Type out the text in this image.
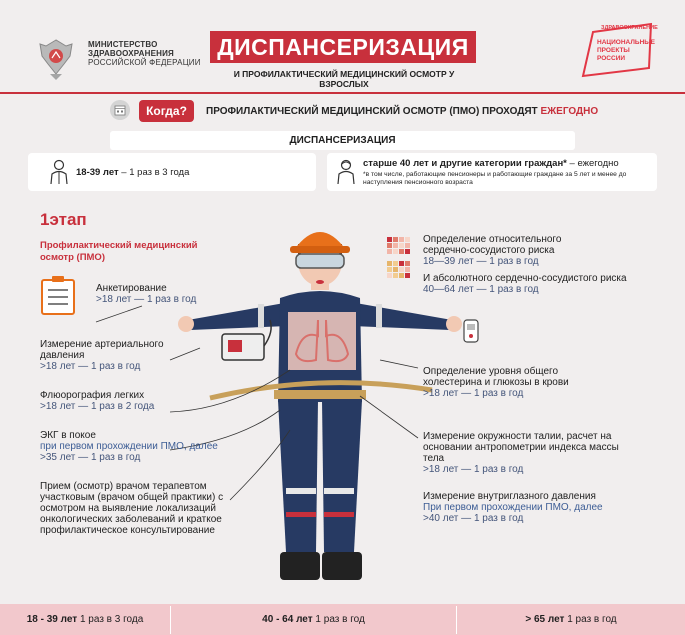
МИНИСТЕРСТВО
ЗДРАВООХРАНЕНИЯ
РОССИЙСКОЙ ФЕДЕРАЦИИ
ДИСПАНСЕРИЗАЦИЯ
И ПРОФИЛАКТИЧЕСКИЙ МЕДИЦИНСКИЙ ОСМОТР У ВЗРОСЛЫХ
ЗДРАВООХРАНЕНИЕ
НАЦИОНАЛЬНЫЕ
ПРОЕКТЫ
РОССИИ
Когда?	ПРОФИЛАКТИЧЕСКИЙ МЕДИЦИНСКИЙ ОСМОТР (ПМО) ПРОХОДЯТ ЕЖЕГОДНО
ДИСПАНСЕРИЗАЦИЯ
18-39 лет – 1 раз в 3 года
старше 40 лет и другие категории граждан* – ежегодно
*в том числе, работающие пенсионеры и работающие граждане за 5 лет и менее до наступления пенсионного возраста
1этап
Профилактический медицинский осмотр (ПМО)
Анкетирование
>18 лет — 1 раз в год
Измерение артериального давления
>18 лет — 1 раз в год
Флюорография легких
>18 лет — 1 раз в 2 года
ЭКГ в покое
при первом прохождении ПМО, далее
>35 лет — 1 раз в год
Прием (осмотр) врачом терапевтом участковым (врачом общей практики) с осмотром на выявление локализаций онкологических заболеваний и краткое профилактическое консультирование
Определение относительного сердечно-сосудистого риска
18—39 лет — 1 раз в год
И абсолютного сердечно-сосудистого риска
40—64 лет — 1 раз в год
Определение уровня общего холестерина и глюкозы в крови
>18 лет — 1 раз в год
Измерение окружности талии, расчет на основании антропометрии индекса массы тела
>18 лет — 1 раз в год
Измерение внутриглазного давления
При первом прохождении ПМО, далее
>40 лет — 1 раз в год
18 - 39 лет 1 раз в 3 года	40 - 64 лет 1 раз в год	> 65 лет 1 раз в год
